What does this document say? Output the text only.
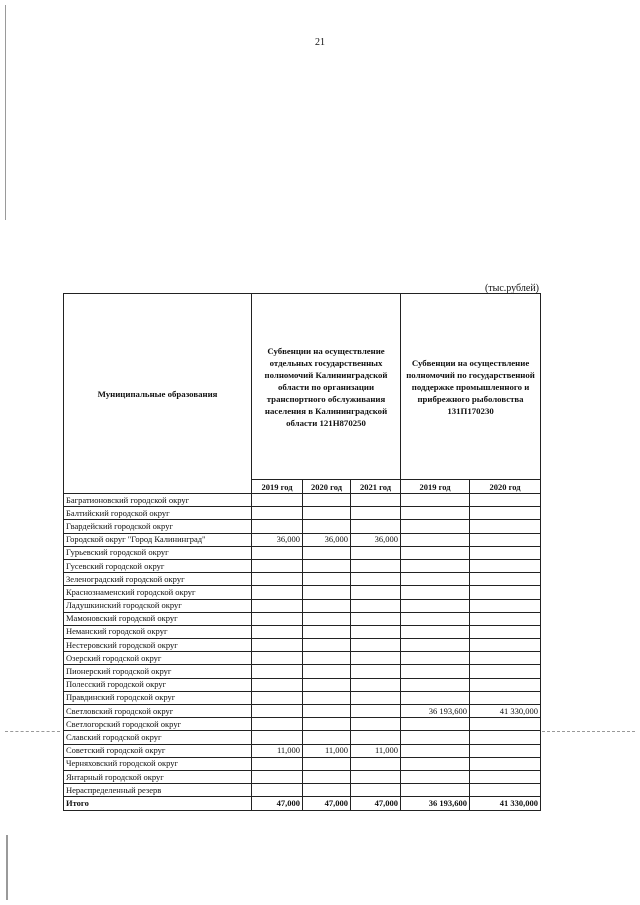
21
(тыс.рублей)
Муниципальные образования	Субвенции на осуществление отдельных государственных полномочий Калининградской области по организации транспортного обслуживания населения в Калининградской области 121Н870250			Субвенции на осуществление полномочий по государственной поддержке промышленного и прибрежного рыболовства 131П170230	
	2019 год	2020 год	2021 год	2019 год	2020 год
Багратионовский городской округ					
Балтийский городской округ					
Гвардейский городской округ					
Городской округ "Город Калининград"	36,000	36,000	36,000		
Гурьевский городской округ					
Гусевский городской округ					
Зеленоградский городской округ					
Краснознаменский городской округ					
Ладушкинский городской округ					
Мамоновский городской округ					
Неманский городской округ					
Нестеровский городской округ					
Озерский городской округ					
Пионерский городской округ					
Полесский городской округ					
Правдинский городской округ					
Светловский городской округ				36 193,600	41 330,000
Светлогорский городской округ					
Славский городской округ					
Советский городской округ	11,000	11,000	11,000		
Черняховский городской округ					
Янтарный городской округ					
Нераспределенный резерв					
Итого	47,000	47,000	47,000	36 193,600	41 330,000
